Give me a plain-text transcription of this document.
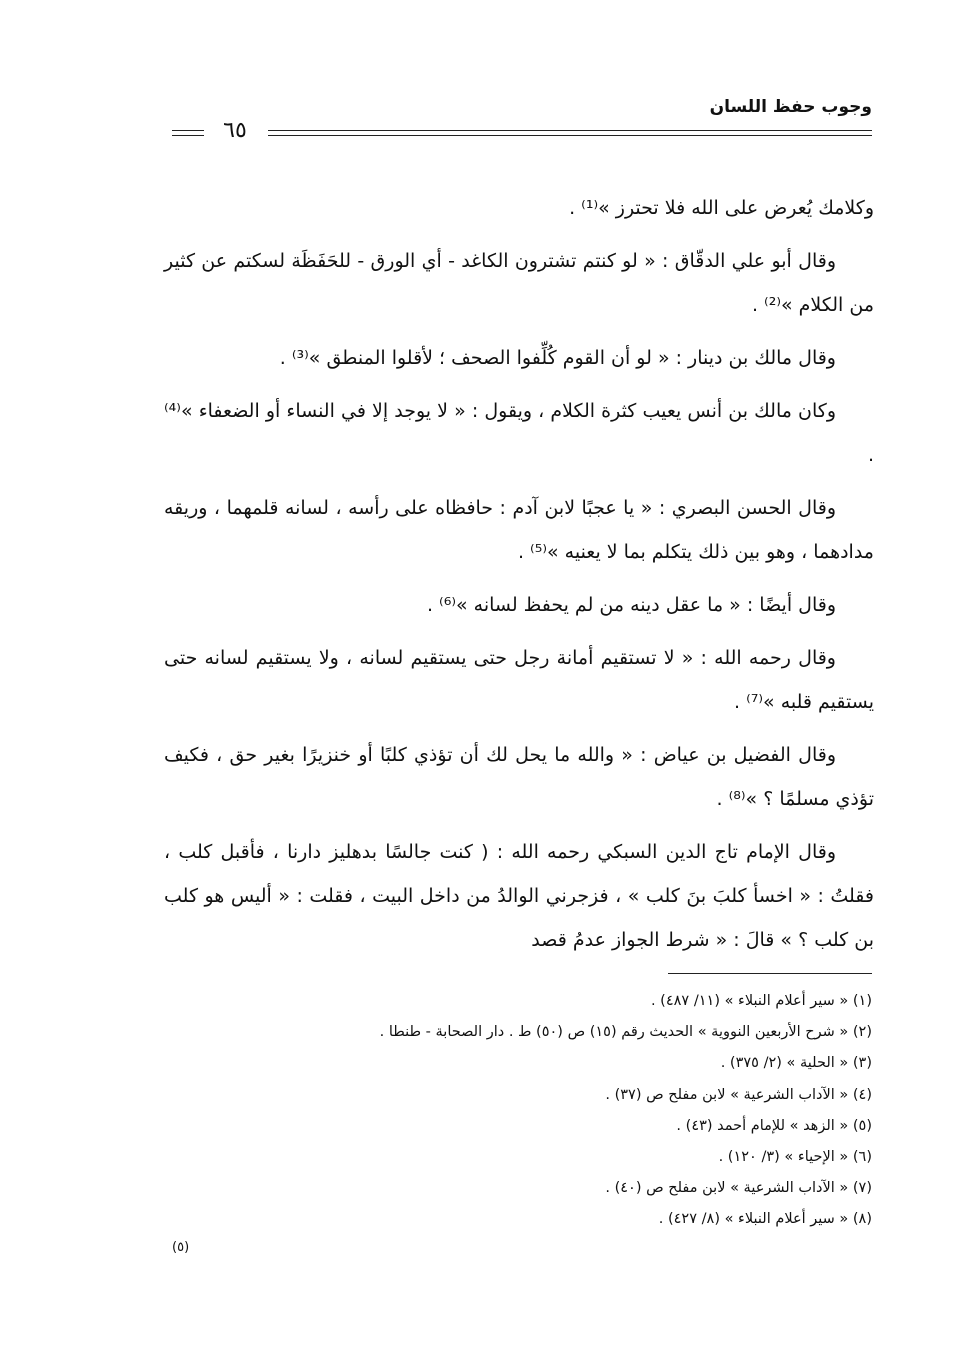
وجوب حفظ اللسان
٦٥

وكلامك يُعرض على الله فلا تحترز »⁽¹⁾ .

وقال أبو علي الدقّاق : « لو كنتم تشترون الكاغد - أي الورق - للحَفَظَة لسكتم عن كثير من الكلام »⁽²⁾ .

وقال مالك بن دينار : « لو أن القوم كُلِّفوا الصحف ؛ لأقلوا المنطق »⁽³⁾ .

وكان مالك بن أنس يعيب كثرة الكلام ، ويقول : « لا يوجد إلا في النساء أو الضعفاء »⁽⁴⁾ .

وقال الحسن البصري : « يا عجبًا لابن آدم : حافظاه على رأسه ، لسانه قلمهما ، وريقه مدادهما ، وهو بين ذلك يتكلم بما لا يعنيه »⁽⁵⁾ .

وقال أيضًا : « ما عقل دينه من لم يحفظ لسانه »⁽⁶⁾ .

وقال رحمه الله : « لا تستقيم أمانة رجل حتى يستقيم لسانه ، ولا يستقيم لسانه حتى يستقيم قلبه »⁽⁷⁾ .

وقال الفضيل بن عياض : « والله ما يحل لك أن تؤذي كلبًا أو خنزيرًا بغير حق ، فكيف تؤذي مسلمًا ؟ »⁽⁸⁾ .

وقال الإمام تاج الدين السبكي رحمه الله : ( كنت جالسًا بدهليز دارنا ، فأقبل كلب ، فقلتُ : « اخسأ كلبَ بنَ كلب » ، فزجرني الوالدُ من داخل البيت ، فقلت : « أليس هو كلب بن كلب ؟ » قالَ : « شرط الجواز عدمُ قصد

(١) « سير أعلام النبلاء » (١١/ ٤٨٧) .
(٢) « شرح الأربعين النووية » الحديث رقم (١٥) ص (٥٠) ط . دار الصحابة - طنطا .
(٣) « الحلية » (٢/ ٣٧٥) .
(٤) « الآداب الشرعية » لابن مفلح ص (٣٧) .
(٥) « الزهد » للإمام أحمد (٤٣) .
(٦) « الإحياء » (٣/ ١٢٠) .
(٧) « الآداب الشرعية » لابن مفلح ص (٤٠) .
(٨) « سير أعلام النبلاء » (٨/ ٤٢٧) .
(٥)
